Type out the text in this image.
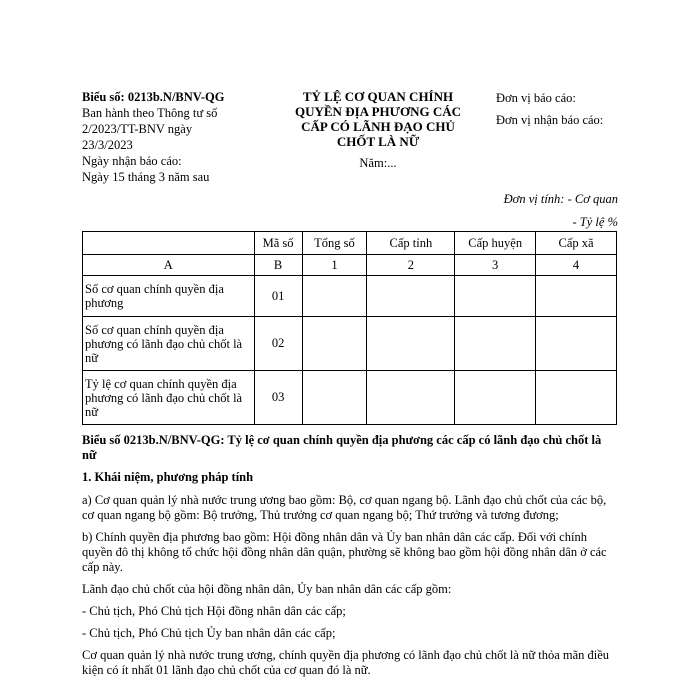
Biểu số: 0213b.N/BNV-QG
Ban hành theo Thông tư số
2/2023/TT-BNV ngày
23/3/2023
Ngày nhận báo cáo:
Ngày 15 tháng 3 năm sau
TỶ LỆ CƠ QUAN CHÍNH
QUYỀN ĐỊA PHƯƠNG CÁC
CẤP CÓ LÃNH ĐẠO CHỦ
CHỐT LÀ NỮ
Năm:...
Đơn vị báo cáo:
Đơn vị nhận báo cáo:
Đơn vị tính: - Cơ quan
- Tỷ lệ %
	Mã số	Tổng số	Cấp tỉnh	Cấp huyện	Cấp xã
A	B	1	2	3	4
Số cơ quan chính quyền địa phương	01				
Số cơ quan chính quyền địa phương có lãnh đạo chủ chốt là nữ	02				
Tỷ lệ cơ quan chính quyền địa phương có lãnh đạo chủ chốt là nữ	03				

Biểu số 0213b.N/BNV-QG: Tỷ lệ cơ quan chính quyền địa phương các cấp có lãnh đạo chủ chốt là nữ

1. Khái niệm, phương pháp tính

a) Cơ quan quản lý nhà nước trung ương bao gồm: Bộ, cơ quan ngang bộ. Lãnh đạo chủ chốt của các bộ, cơ quan ngang bộ gồm: Bộ trưởng, Thủ trưởng cơ quan ngang bộ; Thứ trưởng và tương đương;

b) Chính quyền địa phương bao gồm: Hội đồng nhân dân và Ủy ban nhân dân các cấp. Đối với chính quyền đô thị không tổ chức hội đồng nhân dân quận, phường sẽ không bao gồm hội đồng nhân dân ở các cấp này.

Lãnh đạo chủ chốt của hội đồng nhân dân, Ủy ban nhân dân các cấp gồm:

- Chủ tịch, Phó Chủ tịch Hội đồng nhân dân các cấp;

- Chủ tịch, Phó Chủ tịch Ủy ban nhân dân các cấp;

Cơ quan quản lý nhà nước trung ương, chính quyền địa phương có lãnh đạo chủ chốt là nữ thỏa mãn điều kiện có ít nhất 01 lãnh đạo chủ chốt của cơ quan đó là nữ.
